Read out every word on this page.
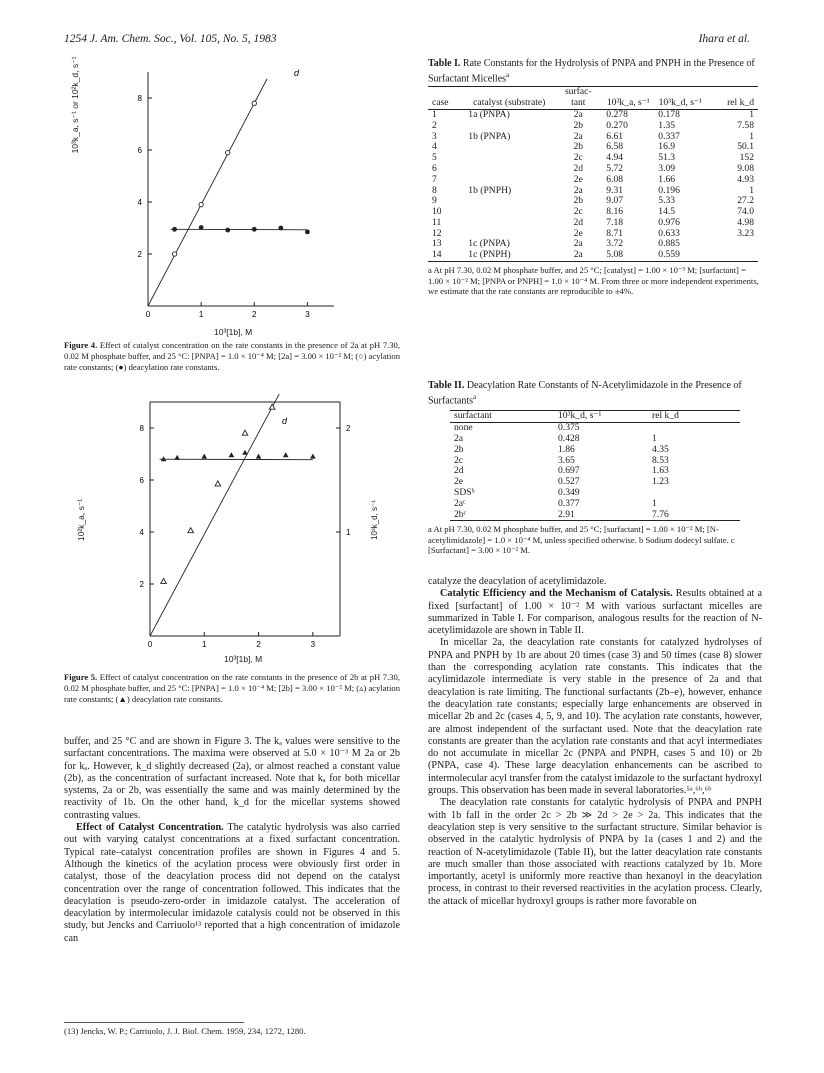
1254 J. Am. Chem. Soc., Vol. 105, No. 5, 1983	Ihara et al.
0	1	2	3
2
4
6
8
d
10³k_a, s⁻¹ or 10²k_d, s⁻¹
10³[1b], M
Figure 4. Effect of catalyst concentration on the rate constants in the presence of 2a at pH 7.30, 0.02 M phosphate buffer, and 25 °C: [PNPA] = 1.0 × 10⁻⁴ M; [2a] = 3.00 × 10⁻² M; (○) acylation rate constants; (●) deacylation rate constants.
0	1	2	3
2
4
6
8
1
2
d
10²k_a, s⁻¹	10³k_d, s⁻¹
10³[1b], M
Figure 5. Effect of catalyst concentration on the rate constants in the presence of 2b at pH 7.30, 0.02 M phosphate buffer, and 25 °C: [PNPA] = 1.0 × 10⁻⁴ M; [2b] = 3.00 × 10⁻² M; (▵) acylation rate constants; (▲) deacylation rate constants.

buffer, and 25 °C and are shown in Figure 3. The kₐ values were sensitive to the surfactant concentrations. The maxima were observed at 5.0 × 10⁻³ M 2a or 2b for kₐ. However, k_d slightly decreased (2a), or almost reached a constant value (2b), as the concentration of surfactant increased. Note that kₐ for both micellar systems, 2a or 2b, was essentially the same and was mainly determined by the reactivity of 1b. On the other hand, k_d for the micellar systems showed contrasting values.

Effect of Catalyst Concentration. The catalytic hydrolysis was also carried out with varying catalyst concentrations at a fixed surfactant concentration. Typical rate–catalyst concentration profiles are shown in Figures 4 and 5. Although the kinetics of the acylation process were obviously first order in catalyst, those of the deacylation process did not depend on the catalyst concentration over the range of concentration followed. This indicates that the deacylation is pseudo-zero-order in imidazole catalyst. The acceleration of deacylation by intermolecular imidazole catalysis could not be observed in this study, but Jencks and Carriuolo¹³ reported that a high concentration of imidazole can

(13) Jencks, W. P.; Carriuolo, J. J. Biol. Chem. 1959, 234, 1272, 1280.
Table I. Rate Constants for the Hydrolysis of PNPA and PNPH in the Presence of Surfactant Micelles$^a$
case	catalyst (substrate)	surfac- tant	10³k_a, s⁻¹	10³k_d, s⁻¹	rel k_d
1	1a (PNPA)	2a	0.278	0.178	1
2		2b	0.270	1.35	7.58
3	1b (PNPA)	2a	6.61	0.337	1
4		2b	6.58	16.9	50.1
5		2c	4.94	51.3	152
6		2d	5.72	3.09	9.08
7		2e	6.08	1.66	4.93
8	1b (PNPH)	2a	9.31	0.196	1
9		2b	9.07	5.33	27.2
10		2c	8.16	14.5	74.0
11		2d	7.18	0.976	4.98
12		2e	8.71	0.633	3.23
13	1c (PNPA)	2a	3.72	0.885	
14	1c (PNPH)	2a	5.08	0.559	
a At pH 7.30, 0.02 M phosphate buffer, and 25 °C; [catalyst] = 1.00 × 10⁻³ M; [surfactant] = 1.00 × 10⁻² M; [PNPA or PNPH] = 1.0 × 10⁻⁴ M. From three or more independent experiments, we estimate that the rate constants are reproducible to ±4%.
Table II. Deacylation Rate Constants of N-Acetylimidazole in the Presence of Surfactants$^a$
surfactant	10³k_d, s⁻¹	rel k_d
none	0.375	
2a	0.428	1
2b	1.86	4.35
2c	3.65	8.53
2d	0.697	1.63
2e	0.527	1.23
SDSᵇ	0.349	
2aᶜ	0.377	1
2bᶜ	2.91	7.76
a At pH 7.30, 0.02 M phosphate buffer, and 25 °C; [surfactant] = 1.00 × 10⁻² M; [N-acetylimidazole] = 1.0 × 10⁻⁴ M, unless specified otherwise. b Sodium dodecyl sulfate. c [Surfactant] = 3.00 × 10⁻² M.

catalyze the deacylation of acetylimidazole.

Catalytic Efficiency and the Mechanism of Catalysis. Results obtained at a fixed [surfactant] of 1.00 × 10⁻² M with various surfactant micelles are summarized in Table I. For comparison, analogous results for the reaction of N-acetylimidazole are shown in Table II.

In micellar 2a, the deacylation rate constants for catalyzed hydrolyses of PNPA and PNPH by 1b are about 20 times (case 3) and 50 times (case 8) slower than the corresponding acylation rate constants. This indicates that the acylimidazole intermediate is very stable in the presence of 2a and that deacylation is rate limiting. The functional surfactants (2b–e), however, enhance the deacylation rate constants; especially large enhancements are observed in micellar 2b and 2c (cases 4, 5, 9, and 10). The acylation rate constants, however, are almost independent of the surfactant used. Note that the deacylation rate constants are greater than the acylation rate constants and that acyl intermediates do not accumulate in micellar 2c (PNPA and PNPH, cases 5 and 10) or 2b (PNPA, case 4). These large deacylation enhancements can be ascribed to intermolecular acyl transfer from the catalyst imidazole to the surfactant hydroxyl groups. This observation has been made in several laboratories.⁵ᵃ,⁶ᵇ,⁶ᵇ

The deacylation rate constants for catalytic hydrolysis of PNPA and PNPH with 1b fall in the order 2c > 2b ≫ 2d > 2e > 2a. This indicates that the deacylation step is very sensitive to the surfactant structure. Similar behavior is observed in the catalytic hydrolysis of PNPA by 1a (cases 1 and 2) and the reaction of N-acetylimidazole (Table II), but the latter deacylation rate constants are much smaller than those associated with reactions catalyzed by 1b. More importantly, acetyl is uniformly more reactive than hexanoyl in the deacylation process, in contrast to their reversed reactivities in the acylation process. Clearly, the attack of micellar hydroxyl groups is rather more favorable on
